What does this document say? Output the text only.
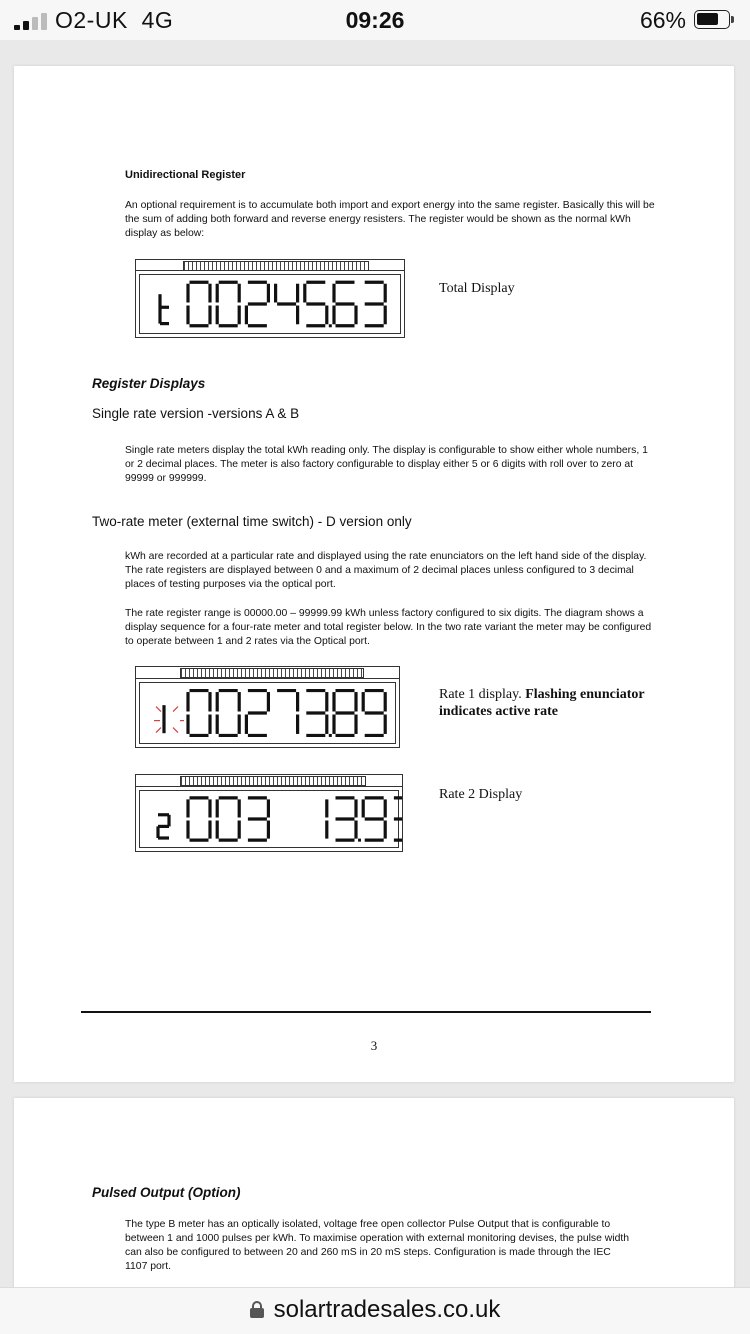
O2-UK  4G	09:26	66%
Unidirectional Register
An optional requirement is to accumulate both import and export energy into the same register. Basically this will be the sum of adding both forward and reverse energy resisters. The register would be shown as the normal kWh display as below:
Total Display
Register Displays
Single rate version -versions A & B
Single rate meters display the total kWh reading only. The display is configurable to show either whole numbers, 1 or 2 decimal places. The meter is also factory configurable to display either 5 or 6 digits with roll over to zero at 99999 or 999999.
Two-rate meter (external time switch) - D version only
kWh are recorded at a particular rate and displayed using the rate enunciators on the left hand side of the display. The rate registers are displayed between 0 and a maximum of 2 decimal places unless configured to 3 decimal places of testing purposes via the optical port.
The rate register range is 00000.00 – 99999.99 kWh unless factory configured to six digits. The diagram shows a display sequence for a four-rate meter and total register below. In the two rate variant the meter may be configured to operate between 1 and 2 rates via the Optical port.
Rate 1 display. Flashing enunciator
indicates active rate
Rate 2 Display
3
Pulsed Output (Option)
The type B meter has an optically isolated, voltage free open collector Pulse Output that is configurable to between 1 and 1000 pulses per kWh. To maximise operation with external monitoring devises, the pulse width can also be configured to between 20 and 260 mS in 20 mS steps. Configuration is made through the IEC 1107 port.
solartradesales.co.uk
